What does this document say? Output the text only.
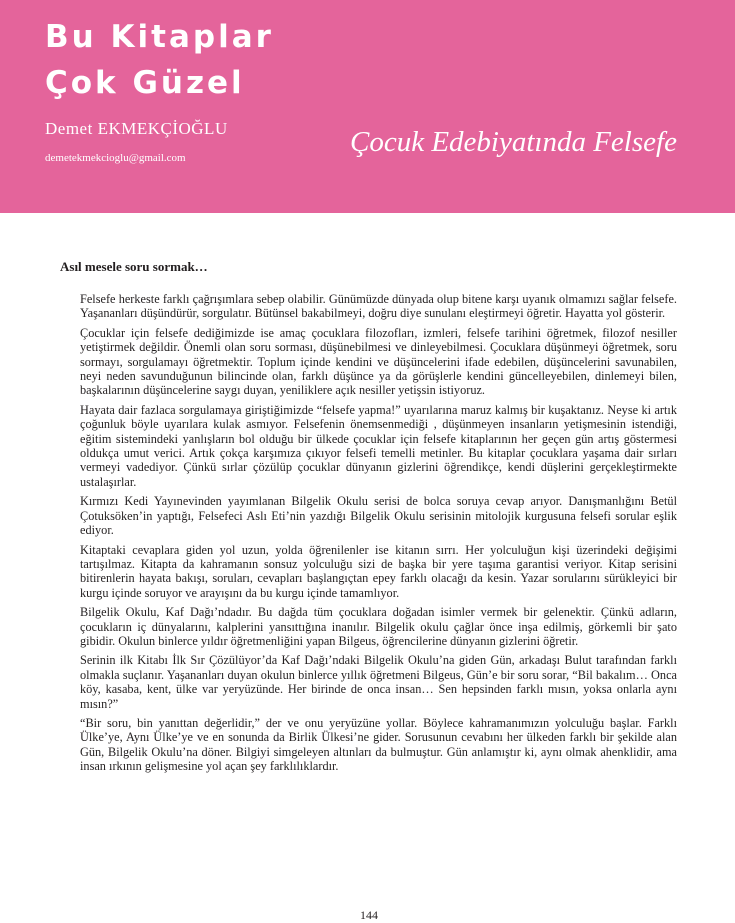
Bu Kitaplar
Çok Güzel
Demet EKMEKÇİOĞLU
demetekmekcioglu@gmail.com	Çocuk Edebiyatında Felsefe
Asıl mesele soru sormak…

Felsefe herkeste farklı çağrışımlara sebep olabilir. Günümüzde dünyada olup bitene karşı uyanık olmamızı sağlar felsefe. Yaşananları düşündürür, sorgulatır. Bütünsel bakabilmeyi, doğru diye sunulanı eleştirmeyi öğretir. Hayatta yol gösterir.

Çocuklar için felsefe dediğimizde ise amaç çocuklara filozofları, izmleri, felsefe tarihini öğretmek, filozof nesiller yetiştirmek değildir. Önemli olan soru sorması, düşünebilmesi ve dinleyebilmesi. Çocuklara düşünmeyi öğretmek, soru sormayı, sorgulamayı öğretmektir. Toplum içinde kendini ve düşüncelerini ifade edebilen, düşüncelerini savunabilen, neyi neden savunduğunun bilincinde olan, farklı düşünce ya da görüşlerle kendini güncelleyebilen, dinlemeyi bilen, başkalarının düşüncelerine saygı duyan, yeniliklere açık nesiller yetişsin istiyoruz.

Hayata dair fazlaca sorgulamaya giriştiğimizde “felsefe yapma!” uyarılarına maruz kalmış bir kuşaktanız. Neyse ki artık çoğunluk böyle uyarılara kulak asmıyor. Felsefenin önemsenmediği , düşünmeyen insanların yetişmesinin istendiği, eğitim sistemindeki yanlışların bol olduğu bir ülkede çocuklar için felsefe kitaplarının her geçen gün artış göstermesi oldukça umut verici. Artık çokça karşımıza çıkıyor felsefi temelli metinler. Bu kitaplar çocuklara yaşama dair sırları vermeyi vadediyor. Çünkü sırlar çözülüp çocuklar dünyanın gizlerini öğrendikçe, kendi düşlerini gerçekleştirmekte ustalaşırlar.

Kırmızı Kedi Yayınevinden yayımlanan Bilgelik Okulu serisi de bolca soruya cevap arıyor. Danışmanlığını Betül Çotuksöken’in yaptığı, Felsefeci Aslı Eti’nin yazdığı Bilgelik Okulu serisinin mitolojik kurgusuna felsefi sorular eşlik ediyor.

Kitaptaki cevaplara giden yol uzun, yolda öğrenilenler ise kitanın sırrı. Her yolculuğun kişi üzerindeki değişimi tartışılmaz. Kitapta da kahramanın sonsuz yolculuğu sizi de başka bir yere taşıma garantisi veriyor. Kitap serisini bitirenlerin hayata bakışı, soruları, cevapları başlangıçtan epey farklı olacağı da kesin. Yazar sorularını sürükleyici bir kurgu içinde soruyor ve arayışını da bu kurgu içinde tamamlıyor.

Bilgelik Okulu, Kaf Dağı’ndadır. Bu dağda tüm çocuklara doğadan isimler vermek bir gelenektir. Çünkü adların, çocukların iç dünyalarını, kalplerini yansıttığına inanılır. Bilgelik okulu çağlar önce inşa edilmiş, görkemli bir şato gibidir. Okulun binlerce yıldır öğretmenliğini yapan Bilgeus, öğrencilerine dünyanın gizlerini öğretir.

Serinin ilk Kitabı İlk Sır Çözülüyor’da Kaf Dağı’ndaki Bilgelik Okulu’na giden Gün, arkadaşı Bulut tarafından farklı olmakla suçlanır. Yaşananları duyan okulun binlerce yıllık öğretmeni Bilgeus, Gün’e bir soru sorar, “Bil bakalım… Onca köy, kasaba, kent, ülke var yeryüzünde. Her birinde de onca insan… Sen hepsinden farklı mısın, yoksa onlarla aynı mısın?”

“Bir soru, bin yanıttan değerlidir,” der ve onu yeryüzüne yollar. Böylece kahramanımızın yolculuğu başlar. Farklı Ülke’ye, Aynı Ülke’ye ve en sonunda da Birlik Ülkesi’ne gider. Sorusunun cevabını her ülkeden farklı bir şekilde alan Gün, Bilgelik Okulu’na döner. Bilgiyi simgeleyen altınları da bulmuştur. Gün anlamıştır ki, aynı olmak ahenklidir, ama insan ırkının gelişmesine yol açan şey farklılıklardır.

144
